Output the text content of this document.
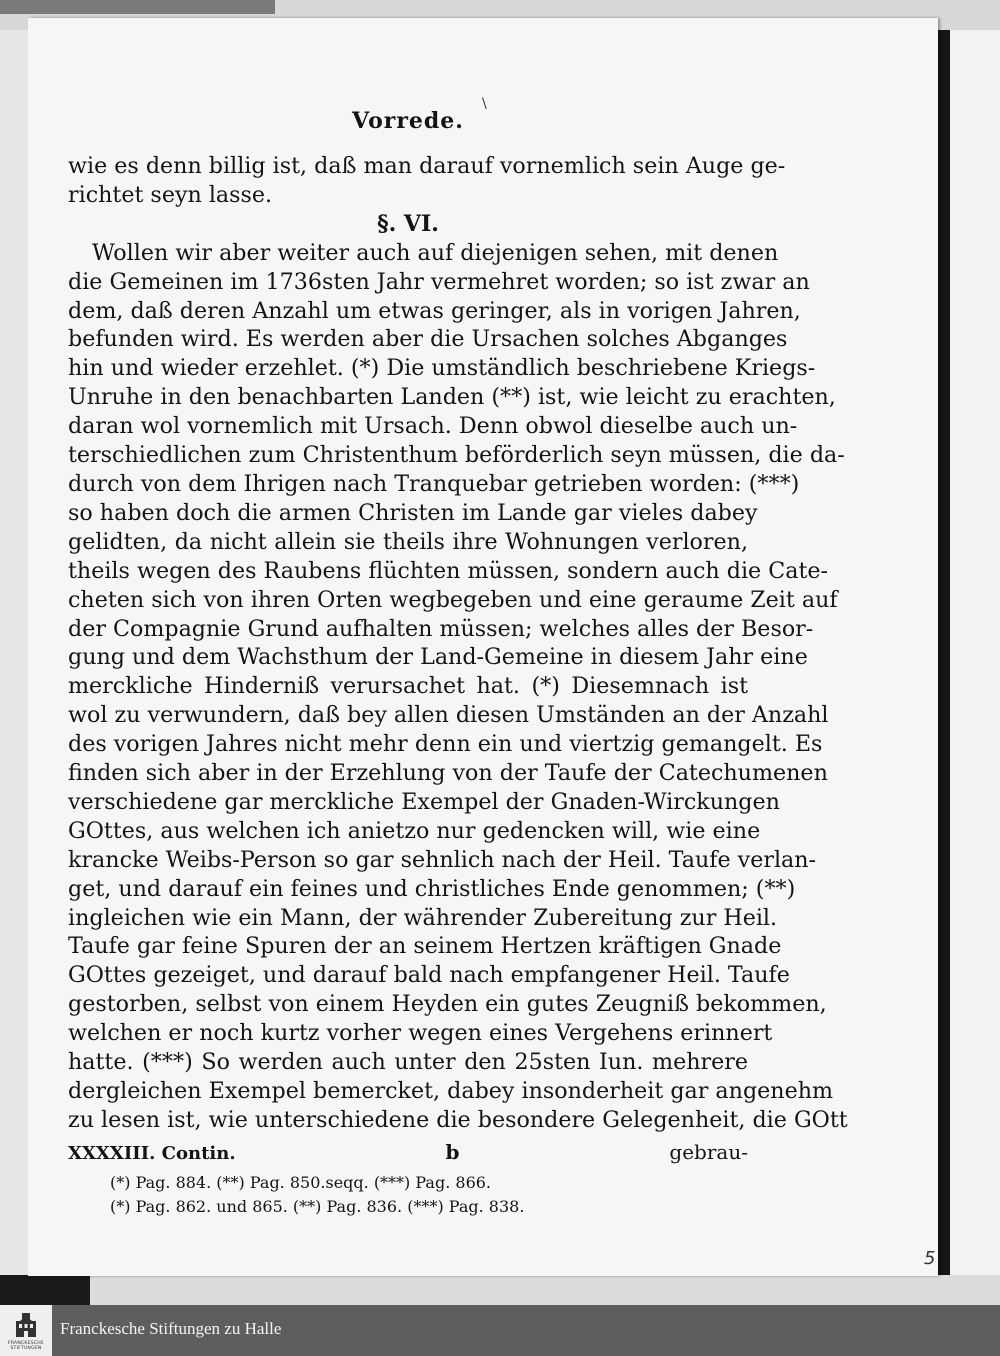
Vorrede.
wie es denn billig ist, daß man darauf vornemlich sein Auge ge-
richtet seyn lasse.
§. VI.
Wollen wir aber weiter auch auf diejenigen sehen, mit denen
die Gemeinen im 1736sten Jahr vermehret worden; so ist zwar an
dem, daß deren Anzahl um etwas geringer, als in vorigen Jahren,
befunden wird. Es werden aber die Ursachen solches Abganges
hin und wieder erzehlet. (*) Die umständlich beschriebene Kriegs-
Unruhe in den benachbarten Landen (**) ist, wie leicht zu erachten,
daran wol vornemlich mit Ursach. Denn obwol dieselbe auch un-
terschiedlichen zum Christenthum beförderlich seyn müssen, die da-
durch von dem Ihrigen nach Tranquebar getrieben worden: (***)
so haben doch die armen Christen im Lande gar vieles dabey
gelidten, da nicht allein sie theils ihre Wohnungen verloren,
theils wegen des Raubens flüchten müssen, sondern auch die Cate-
cheten sich von ihren Orten wegbegeben und eine geraume Zeit auf
der Compagnie Grund aufhalten müssen; welches alles der Besor-
gung und dem Wachsthum der Land-Gemeine in diesem Jahr eine
merckliche Hinderniß verursachet hat. (*) Diesemnach ist
wol zu verwundern, daß bey allen diesen Umständen an der Anzahl
des vorigen Jahres nicht mehr denn ein und viertzig gemangelt. Es
finden sich aber in der Erzehlung von der Taufe der Catechumenen
verschiedene gar merckliche Exempel der Gnaden-Wirckungen
GOttes, aus welchen ich anietzo nur gedencken will, wie eine
krancke Weibs-Person so gar sehnlich nach der Heil. Taufe verlan-
get, und darauf ein feines und christliches Ende genommen; (**)
ingleichen wie ein Mann, der währender Zubereitung zur Heil.
Taufe gar feine Spuren der an seinem Hertzen kräftigen Gnade
GOttes gezeiget, und darauf bald nach empfangener Heil. Taufe
gestorben, selbst von einem Heyden ein gutes Zeugniß bekommen,
welchen er noch kurtz vorher wegen eines Vergehens erinnert
hatte. (***) So werden auch unter den 25sten Iun. mehrere
dergleichen Exempel bemercket, dabey insonderheit gar angenehm
zu lesen ist, wie unterschiedene die besondere Gelegenheit, die GOtt
XXXXIII. Contin.	b	gebrau-
(*) Pag. 884. (**) Pag. 850.seqq. (***) Pag. 866.
(*) Pag. 862. und 865. (**) Pag. 836. (***) Pag. 838.
\
5
FRANCKESCHE
STIFTUNGEN
Franckesche Stiftungen zu Halle
